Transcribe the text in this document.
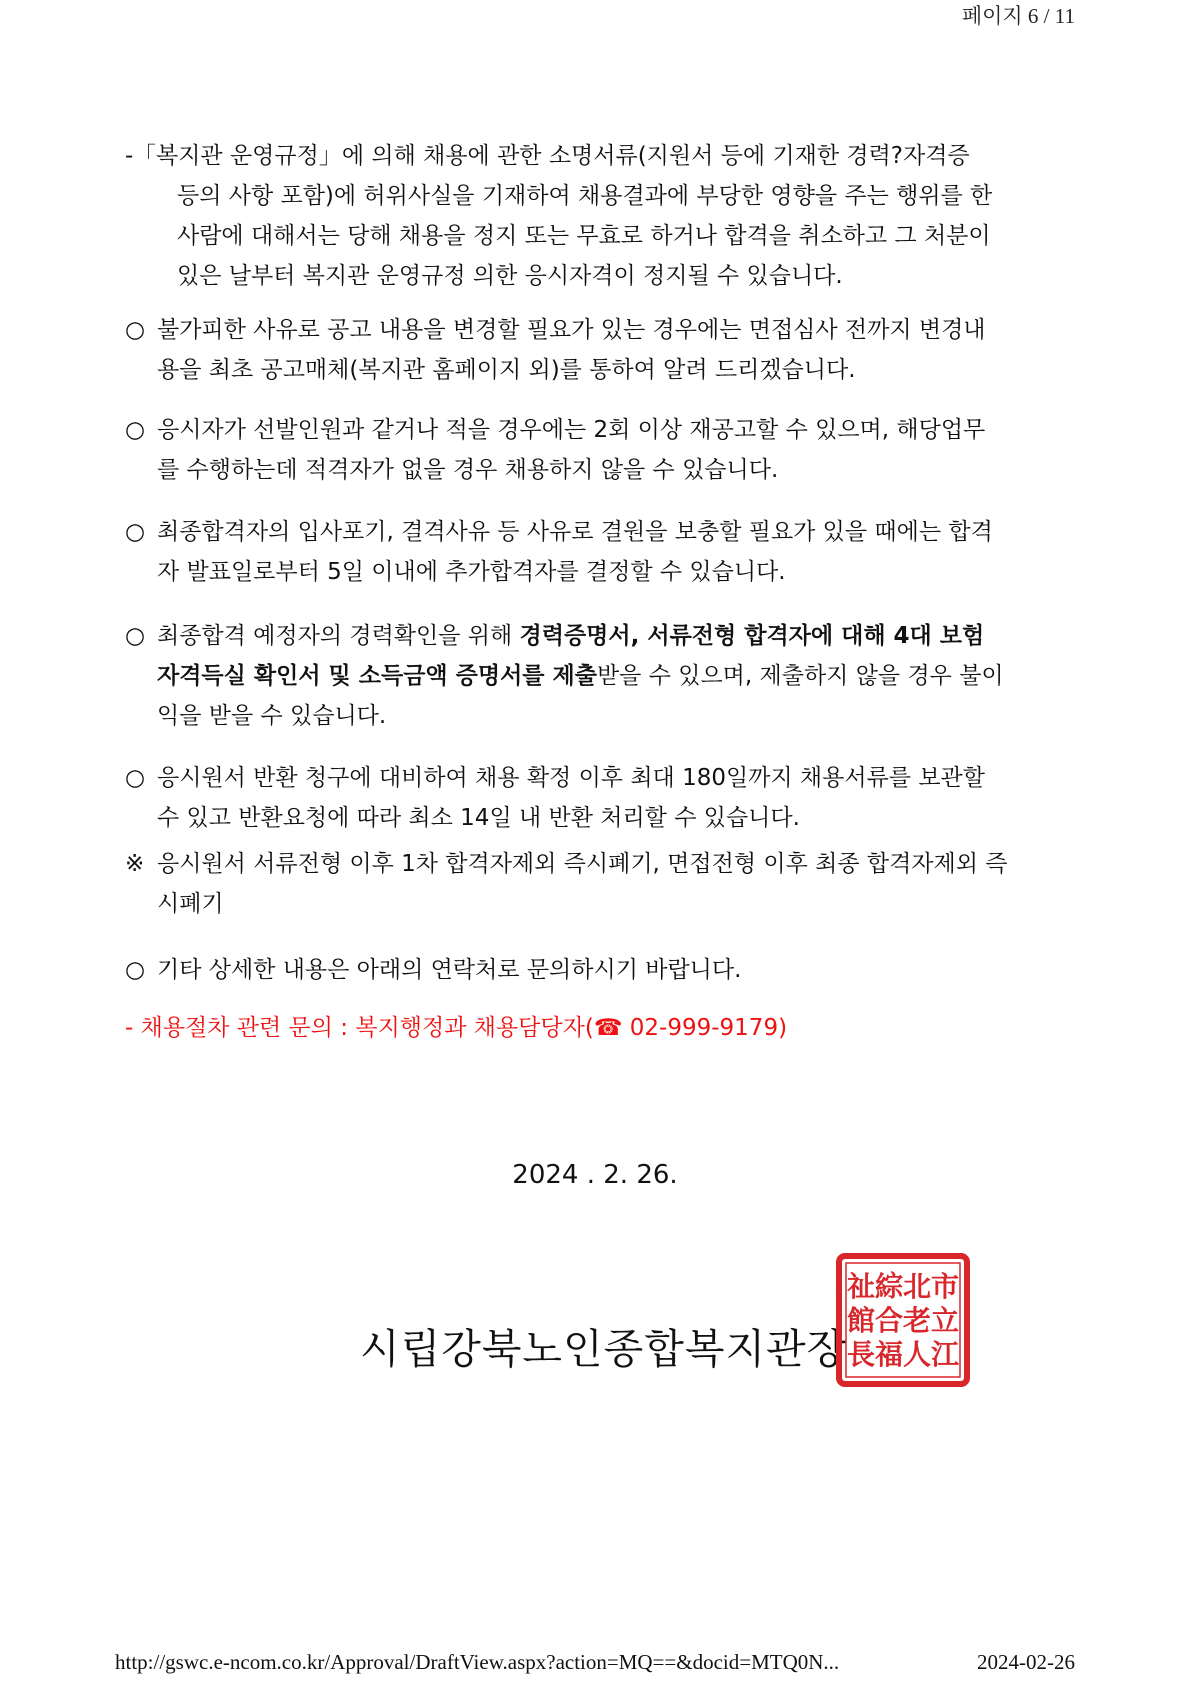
페이지 6 / 11
- 「복지관 운영규정」에 의해 채용에 관한 소명서류(지원서 등에 기재한 경력?자격증
등의 사항 포함)에 허위사실을 기재하여 채용결과에 부당한 영향을 주는 행위를 한
사람에 대해서는 당해 채용을 정지 또는 무효로 하거나 합격을 취소하고 그 처분이
있은 날부터 복지관 운영규정 의한 응시자격이 정지될 수 있습니다.
○ 불가피한 사유로 공고 내용을 변경할 필요가 있는 경우에는 면접심사 전까지 변경내
용을 최초 공고매체(복지관 홈페이지 외)를 통하여 알려 드리겠습니다.
○ 응시자가 선발인원과 같거나 적을 경우에는 2회 이상 재공고할 수 있으며, 해당업무
를 수행하는데 적격자가 없을 경우 채용하지 않을 수 있습니다.
○ 최종합격자의 입사포기, 결격사유 등 사유로 결원을 보충할 필요가 있을 때에는 합격
자 발표일로부터 5일 이내에 추가합격자를 결정할 수 있습니다.
○ 최종합격 예정자의 경력확인을 위해 경력증명서, 서류전형 합격자에 대해 4대 보험
자격득실 확인서 및 소득금액 증명서를 제출받을 수 있으며, 제출하지 않을 경우 불이
익을 받을 수 있습니다.
○ 응시원서 반환 청구에 대비하여 채용 확정 이후 최대 180일까지 채용서류를 보관할
수 있고 반환요청에 따라 최소 14일 내 반환 처리할 수 있습니다.
※ 응시원서 서류전형 이후 1차 합격자제외 즉시폐기, 면접전형 이후 최종 합격자제외 즉
시폐기
○ 기타 상세한 내용은 아래의 연락처로 문의하시기 바랍니다.
- 채용절차 관련 문의 : 복지행정과 채용담당자(☎ 02-999-9179)
2024 . 2. 26.
시립강북노인종합복지관장
市
立
江
北
老
人
綜
合
福
祉
館
長
http://gswc.e-ncom.co.kr/Approval/DraftView.aspx?action=MQ==&docid=MTQ0N...	2024-02-26
